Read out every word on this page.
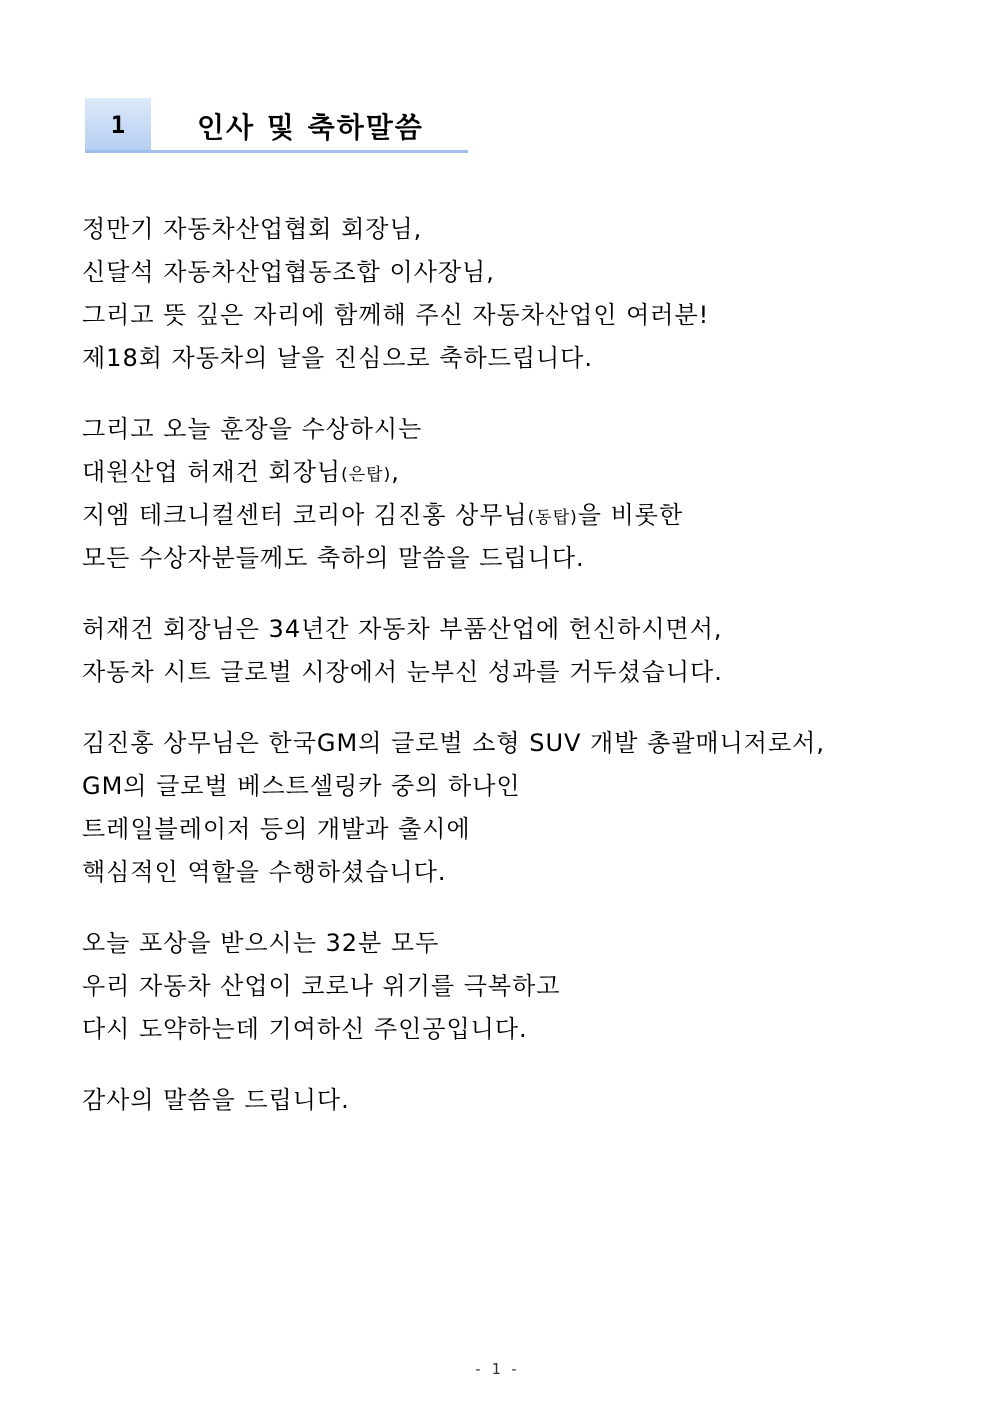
1	인사 및 축하말씀
정만기 자동차산업협회 회장님,
신달석 자동차산업협동조합 이사장님,
그리고 뜻 깊은 자리에 함께해 주신 자동차산업인 여러분!
제18회 자동차의 날을 진심으로 축하드립니다.
그리고 오늘 훈장을 수상하시는
대원산업 허재건 회장님(은탑),
지엠 테크니컬센터 코리아 김진홍 상무님(동탑)을 비롯한
모든 수상자분들께도 축하의 말씀을 드립니다.
허재건 회장님은 34년간 자동차 부품산업에 헌신하시면서,
자동차 시트 글로벌 시장에서 눈부신 성과를 거두셨습니다.
김진홍 상무님은 한국GM의 글로벌 소형 SUV 개발 총괄매니저로서,
GM의 글로벌 베스트셀링카 중의 하나인
트레일블레이저 등의 개발과 출시에
핵심적인 역할을 수행하셨습니다.
오늘 포상을 받으시는 32분 모두
우리 자동차 산업이 코로나 위기를 극복하고
다시 도약하는데 기여하신 주인공입니다.
감사의 말씀을 드립니다.
- 1 -
